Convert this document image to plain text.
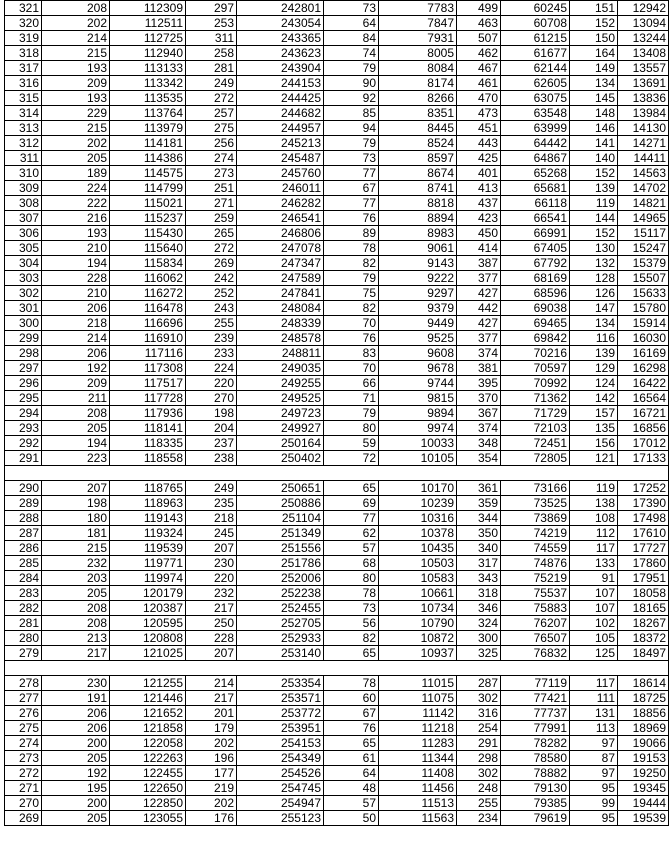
321	208	112309	297	242801	73	7783	499	60245	151	12942
320	202	112511	253	243054	64	7847	463	60708	152	13094
319	214	112725	311	243365	84	7931	507	61215	150	13244
318	215	112940	258	243623	74	8005	462	61677	164	13408
317	193	113133	281	243904	79	8084	467	62144	149	13557
316	209	113342	249	244153	90	8174	461	62605	134	13691
315	193	113535	272	244425	92	8266	470	63075	145	13836
314	229	113764	257	244682	85	8351	473	63548	148	13984
313	215	113979	275	244957	94	8445	451	63999	146	14130
312	202	114181	256	245213	79	8524	443	64442	141	14271
311	205	114386	274	245487	73	8597	425	64867	140	14411
310	189	114575	273	245760	77	8674	401	65268	152	14563
309	224	114799	251	246011	67	8741	413	65681	139	14702
308	222	115021	271	246282	77	8818	437	66118	119	14821
307	216	115237	259	246541	76	8894	423	66541	144	14965
306	193	115430	265	246806	89	8983	450	66991	152	15117
305	210	115640	272	247078	78	9061	414	67405	130	15247
304	194	115834	269	247347	82	9143	387	67792	132	15379
303	228	116062	242	247589	79	9222	377	68169	128	15507
302	210	116272	252	247841	75	9297	427	68596	126	15633
301	206	116478	243	248084	82	9379	442	69038	147	15780
300	218	116696	255	248339	70	9449	427	69465	134	15914
299	214	116910	239	248578	76	9525	377	69842	116	16030
298	206	117116	233	248811	83	9608	374	70216	139	16169
297	192	117308	224	249035	70	9678	381	70597	129	16298
296	209	117517	220	249255	66	9744	395	70992	124	16422
295	211	117728	270	249525	71	9815	370	71362	142	16564
294	208	117936	198	249723	79	9894	367	71729	157	16721
293	205	118141	204	249927	80	9974	374	72103	135	16856
292	194	118335	237	250164	59	10033	348	72451	156	17012
291	223	118558	238	250402	72	10105	354	72805	121	17133

290	207	118765	249	250651	65	10170	361	73166	119	17252
289	198	118963	235	250886	69	10239	359	73525	138	17390
288	180	119143	218	251104	77	10316	344	73869	108	17498
287	181	119324	245	251349	62	10378	350	74219	112	17610
286	215	119539	207	251556	57	10435	340	74559	117	17727
285	232	119771	230	251786	68	10503	317	74876	133	17860
284	203	119974	220	252006	80	10583	343	75219	91	17951
283	205	120179	232	252238	78	10661	318	75537	107	18058
282	208	120387	217	252455	73	10734	346	75883	107	18165
281	208	120595	250	252705	56	10790	324	76207	102	18267
280	213	120808	228	252933	82	10872	300	76507	105	18372
279	217	121025	207	253140	65	10937	325	76832	125	18497

278	230	121255	214	253354	78	11015	287	77119	117	18614
277	191	121446	217	253571	60	11075	302	77421	111	18725
276	206	121652	201	253772	67	11142	316	77737	131	18856
275	206	121858	179	253951	76	11218	254	77991	113	18969
274	200	122058	202	254153	65	11283	291	78282	97	19066
273	205	122263	196	254349	61	11344	298	78580	87	19153
272	192	122455	177	254526	64	11408	302	78882	97	19250
271	195	122650	219	254745	48	11456	248	79130	95	19345
270	200	122850	202	254947	57	11513	255	79385	99	19444
269	205	123055	176	255123	50	11563	234	79619	95	19539
